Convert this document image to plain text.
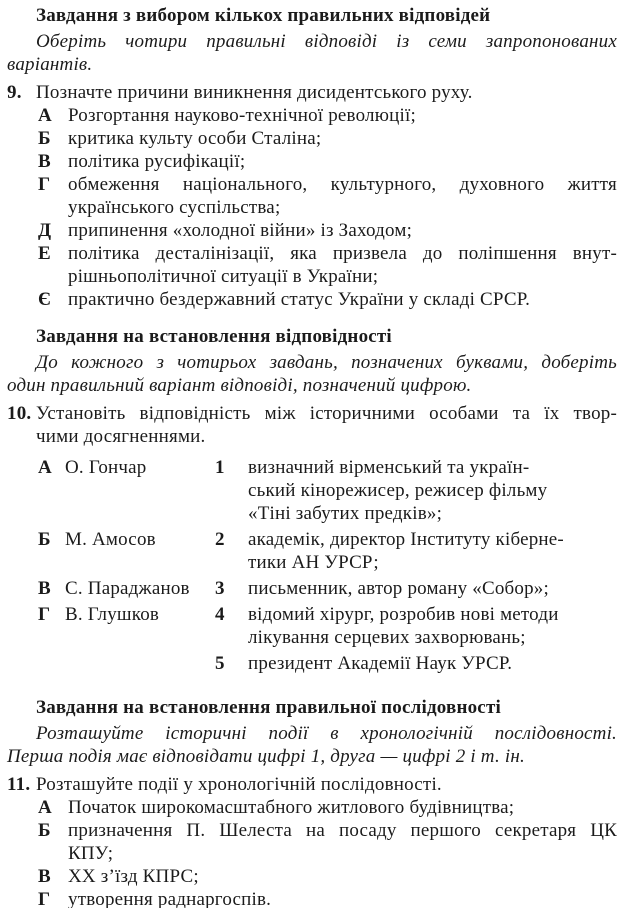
Завдання з вибором кількох правильних відповідей
Оберіть чотири правильні відповіді із семи запропонованих
варіантів.
9. Позначте причини виникнення дисидентського руху.
А Розгортання науково-технічної революції;
Б критика культу особи Сталіна;
В політика русифікації;
Г обмеження національного, культурного, духовного життя
українського суспільства;
Д припинення «холодної війни» із Заходом;
Е політика десталінізації, яка призвела до поліпшення внут-
рішньополітичної ситуації в України;
Є практично бездержавний статус України у складі СРСР.
Завдання на встановлення відповідності
До кожного з чотирьох завдань, позначених буквами, доберіть
один правильний варіант відповіді, позначений цифрою.
10. Установіть відповідність між історичними особами та їх твор-
чими досягненнями.
А О. Гончар	1	визначний вірменський та україн-
ський кінорежисер, режисер фільму
«Тіні забутих предків»;
Б М. Амосов	2	академік, директор Інституту кіберне-
тики АН УРСР;
В С. Параджанов	3	письменник, автор роману «Собор»;
Г В. Глушков	4	відомий хірург, розробив нові методи
лікування серцевих захворювань;
5	президент Академії Наук УРСР.
Завдання на встановлення правильної послідовності
Розташуйте історичні події в хронологічній послідовності.
Перша подія має відповідати цифрі 1, друга — цифрі 2 і т. ін.
11. Розташуйте події у хронологічній послідовності.
А Початок широкомасштабного житлового будівництва;
Б призначення П. Шелеста на посаду першого секретаря ЦК
КПУ;
В ХХ з’їзд КПРС;
Г утворення раднаргоспів.
